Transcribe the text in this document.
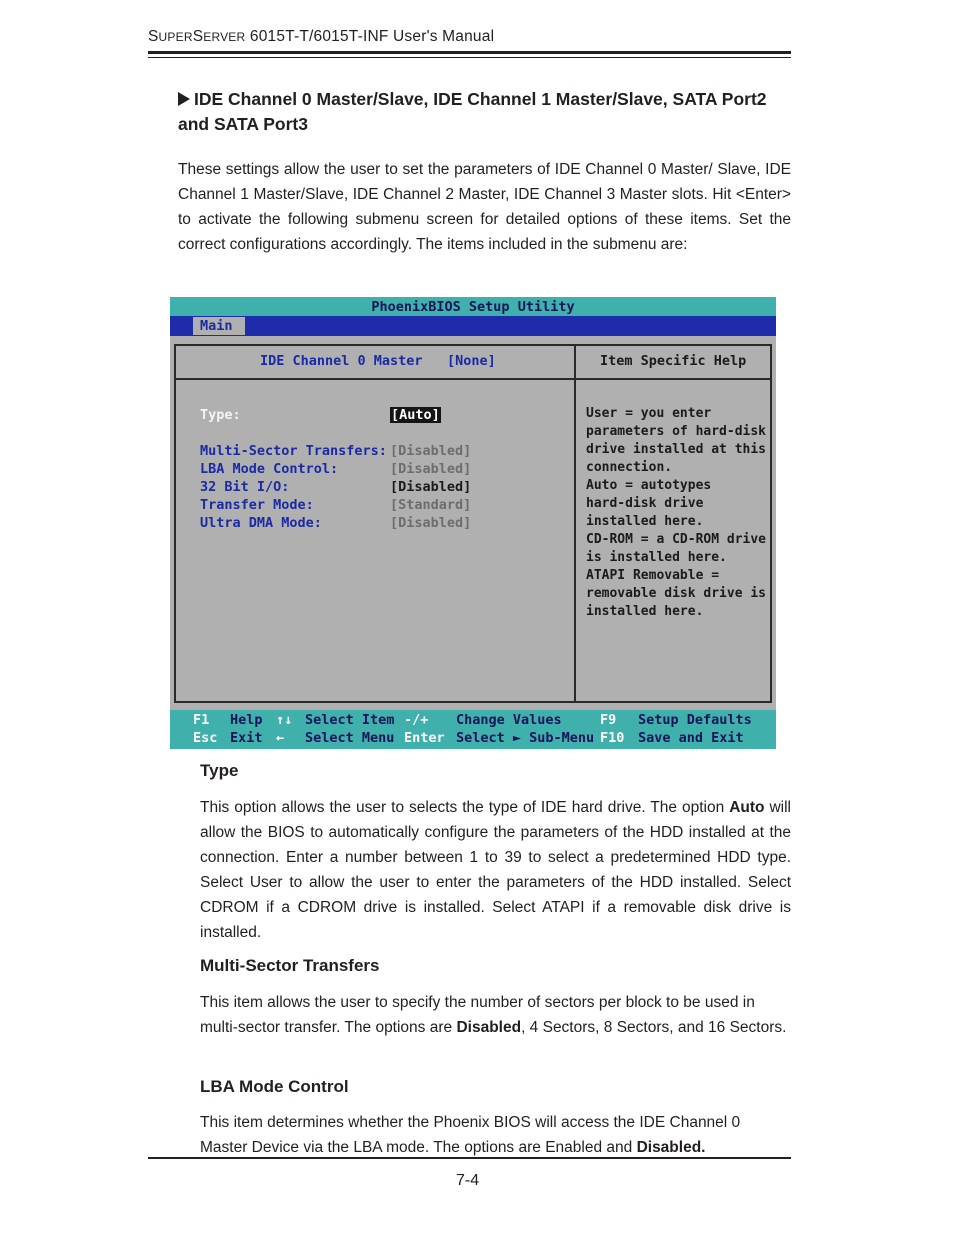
SUPERSERVER 6015T-T/6015T-INF User's Manual
IDE Channel 0 Master/Slave, IDE Channel 1 Master/Slave, SATA Port2 and SATA Port3
These settings allow the user to set the parameters of IDE Channel 0 Master/ Slave, IDE Channel 1 Master/Slave, IDE Channel 2 Master, IDE Channel 3 Master slots. Hit <Enter> to activate the following submenu screen for detailed options of these items. Set the correct configurations accordingly. The items included in the submenu are:
PhoenixBIOS Setup Utility
Main
IDE Channel 0 Master [None]	Item Specific Help
Type:	[Auto]
Multi-Sector Transfers: [Disabled]
LBA Mode Control:	[Disabled]
32 Bit I/O:	[Disabled]
Transfer Mode:	[Standard]
Ultra DMA Mode:	[Disabled]
User = you enter
parameters of hard-disk
drive installed at this
connection.
Auto = autotypes
hard-disk drive
installed here.
CD-ROM = a CD-ROM drive
is installed here.
ATAPI Removable =
removable disk drive is
installed here.
F1 Help ↑↓ Select Item -/+ Change Values	F9 Setup Defaults
Esc Exit ← Select Menu Enter Select ► Sub-Menu F10 Save and Exit
Type
This option allows the user to selects the type of IDE hard drive. The option Auto will allow the BIOS to automatically configure the parameters of the HDD installed at the connection. Enter a number between 1 to 39 to select a predetermined HDD type. Select User to allow the user to enter the parameters of the HDD installed. Select CDROM if a CDROM drive is installed. Select ATAPI if a removable disk drive is installed.
Multi-Sector Transfers
This item allows the user to specify the number of sectors per block to be used in multi-sector transfer. The options are Disabled, 4 Sectors, 8 Sectors, and 16 Sectors.
LBA Mode Control
This item determines whether the Phoenix BIOS will access the IDE Channel 0 Master Device via the LBA mode. The options are Enabled and Disabled.
7-4
